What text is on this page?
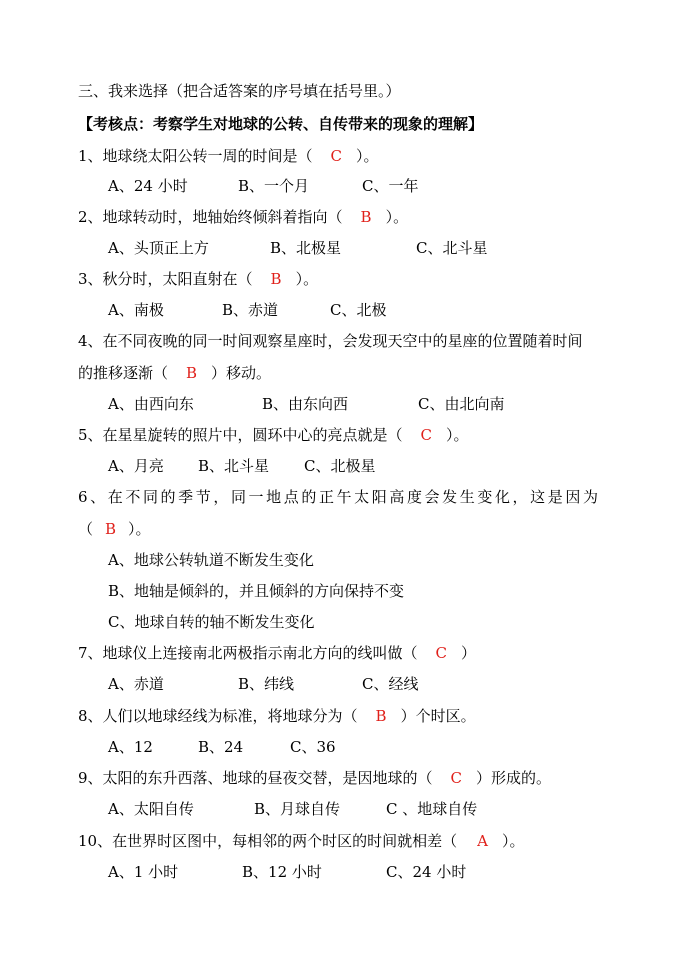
三、我来选择（把合适答案的序号填在括号里。）
【考核点：考察学生对地球的公转、自传带来的现象的理解】
1、地球绕太阳公转一周的时间是（ C ）。
A、24 小时	B、一个月	C、一年
2、地球转动时，地轴始终倾斜着指向（ B ）。
A、头顶正上方	B、北极星	C、北斗星
3、秋分时，太阳直射在（ B ）。
A、南极	B、赤道	C、北极
4、在不同夜晚的同一时间观察星座时，会发现天空中的星座的位置随着时间
的推移逐渐（ B ）移动。
A、由西向东	B、由东向西	C、由北向南
5、在星星旋转的照片中，圆环中心的亮点就是（ C ）。
A、月亮 B、北斗星 C、北极星
6、在不同的季节，同一地点的正午太阳高度会发生变化，这是因为
（ B ）。
A、地球公转轨道不断发生变化
B、地轴是倾斜的，并且倾斜的方向保持不变
C、地球自转的轴不断发生变化
7、地球仪上连接南北两极指示南北方向的线叫做（ C ）
A、赤道	B、纬线	C、经线
8、人们以地球经线为标准，将地球分为（ B ）个时区。
A、12	B、24	C、36
9、太阳的东升西落、地球的昼夜交替，是因地球的（ C ）形成的。
A、太阳自传	B、月球自传	C 、地球自传
10、在世界时区图中，每相邻的两个时区的时间就相差（ A ）。
A、1 小时	B、12 小时	C、24 小时
